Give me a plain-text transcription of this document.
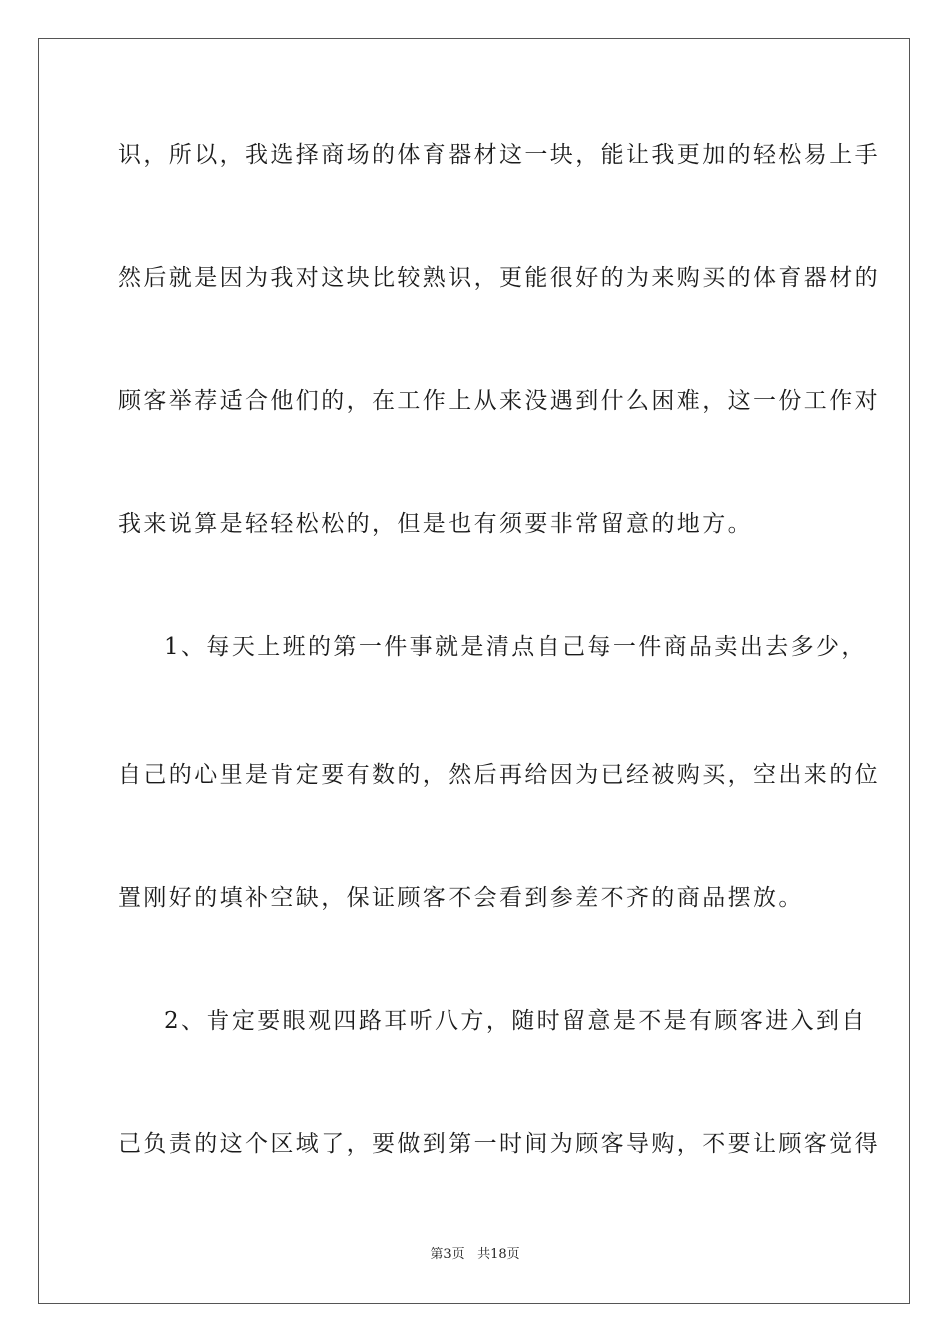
识，所以，我选择商场的体育器材这一块，能让我更加的轻松易上手
然后就是因为我对这块比较熟识，更能很好的为来购买的体育器材的
顾客举荐适合他们的，在工作上从来没遇到什么困难，这一份工作对
我来说算是轻轻松松的，但是也有须要非常留意的地方。
1、每天上班的第一件事就是清点自己每一件商品卖出去多少，
自己的心里是肯定要有数的，然后再给因为已经被购买，空出来的位
置刚好的填补空缺，保证顾客不会看到参差不齐的商品摆放。
2、肯定要眼观四路耳听八方，随时留意是不是有顾客进入到自
己负责的这个区域了，要做到第一时间为顾客导购，不要让顾客觉得
第3页 共18页
